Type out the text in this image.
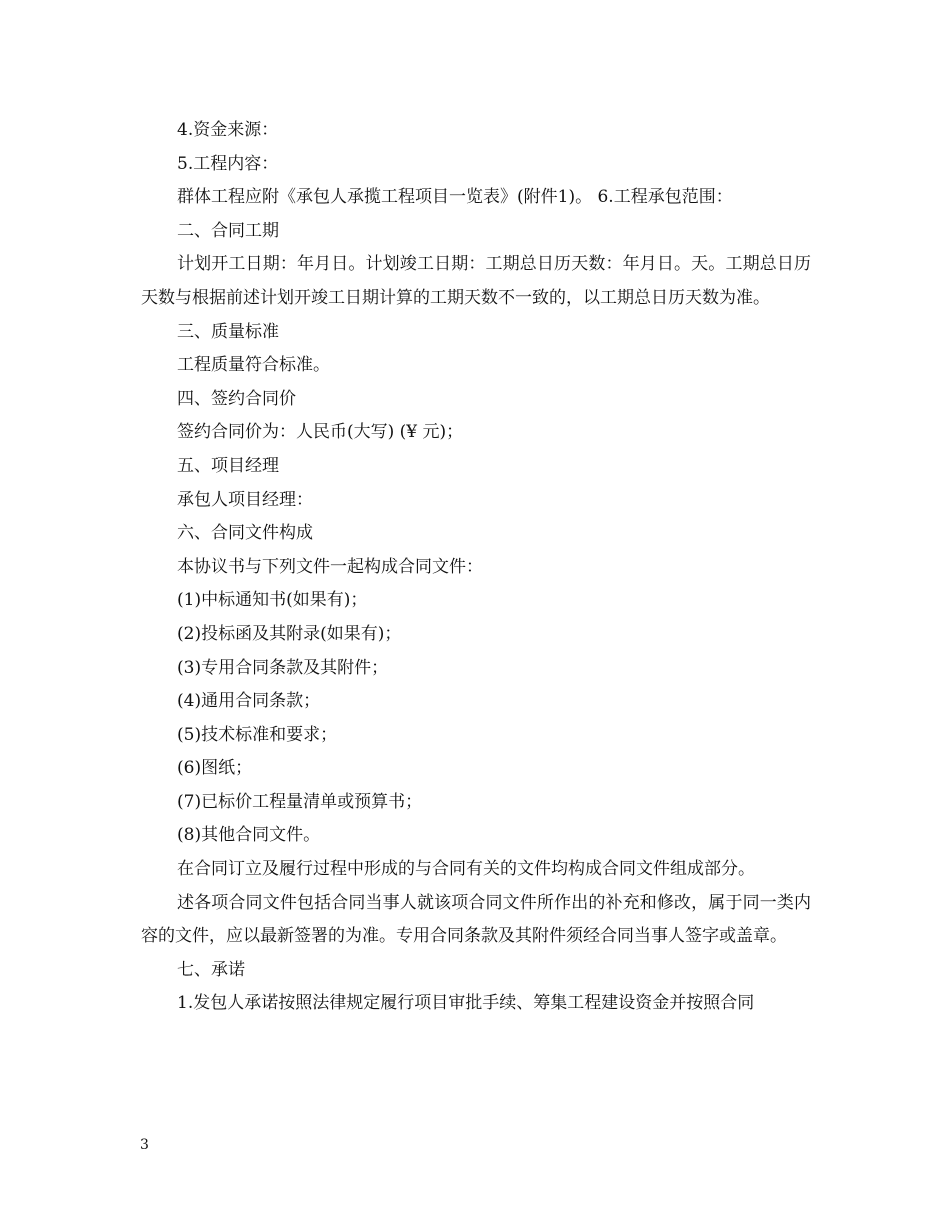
4.资金来源：

5.工程内容：

群体工程应附《承包人承揽工程项目一览表》(附件1)。 6.工程承包范围：

二、合同工期

计划开工日期：年月日。计划竣工日期：工期总日历天数：年月日。天。工期总日历天数与根据前述计划开竣工日期计算的工期天数不一致的，以工期总日历天数为准。

三、质量标准

工程质量符合标准。

四、签约合同价

签约合同价为：人民币(大写) (¥ 元)；

五、项目经理

承包人项目经理：

六、合同文件构成

本协议书与下列文件一起构成合同文件：

(1)中标通知书(如果有)；

(2)投标函及其附录(如果有)；

(3)专用合同条款及其附件；

(4)通用合同条款；

(5)技术标准和要求；

(6)图纸；

(7)已标价工程量清单或预算书；

(8)其他合同文件。

在合同订立及履行过程中形成的与合同有关的文件均构成合同文件组成部分。

述各项合同文件包括合同当事人就该项合同文件所作出的补充和修改，属于同一类内容的文件，应以最新签署的为准。专用合同条款及其附件须经合同当事人签字或盖章。

七、承诺

1.发包人承诺按照法律规定履行项目审批手续、筹集工程建设资金并按照合同

3
